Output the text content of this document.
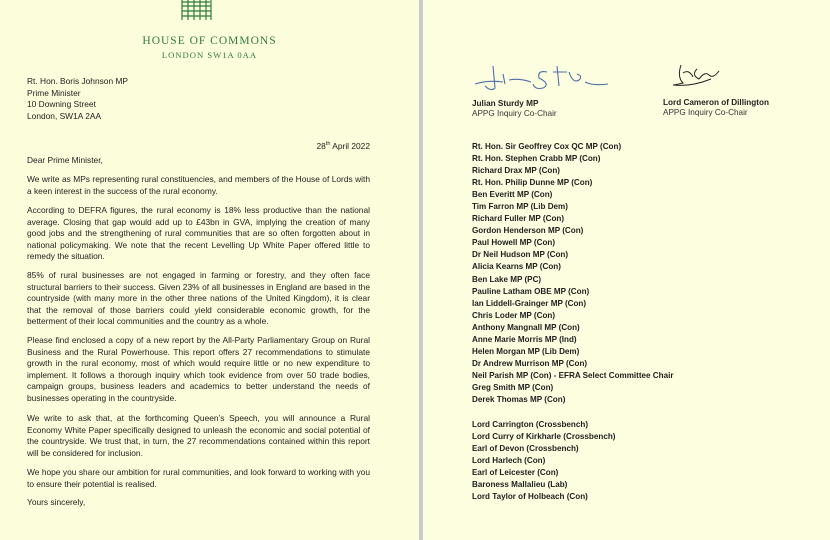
HOUSE OF COMMONS
LONDON SW1A 0AA
Rt. Hon. Boris Johnson MP
Prime Minister
10 Downing Street
London, SW1A 2AA
28th April 2022
Dear Prime Minister,
We write as MPs representing rural constituencies, and members of the House of Lords with a keen interest in the success of the rural economy.
According to DEFRA figures, the rural economy is 18% less productive than the national average. Closing that gap would add up to £43bn in GVA, implying the creation of many good jobs and the strengthening of rural communities that are so often forgotten about in national policymaking. We note that the recent Levelling Up White Paper offered little to remedy the situation.
85% of rural businesses are not engaged in farming or forestry, and they often face structural barriers to their success. Given 23% of all businesses in England are based in the countryside (with many more in the other three nations of the United Kingdom), it is clear that the removal of those barriers could yield considerable economic growth, for the betterment of their local communities and the country as a whole.
Please find enclosed a copy of a new report by the All-Party Parliamentary Group on Rural Business and the Rural Powerhouse. This report offers 27 recommendations to stimulate growth in the rural economy, most of which would require little or no new expenditure to implement. It follows a thorough inquiry which took evidence from over 50 trade bodies, campaign groups, business leaders and academics to better understand the needs of businesses operating in the countryside.
We write to ask that, at the forthcoming Queen’s Speech, you will announce a Rural Economy White Paper specifically designed to unleash the economic and social potential of the countryside. We trust that, in turn, the 27 recommendations contained within this report will be considered for inclusion.
We hope you share our ambition for rural communities, and look forward to working with you to ensure their potential is realised.
Yours sincerely,
Julian Sturdy MP
APPG Inquiry Co-Chair
Lord Cameron of Dillington
APPG Inquiry Co-Chair
Rt. Hon. Sir Geoffrey Cox QC MP (Con)
Rt. Hon. Stephen Crabb MP (Con)
Richard Drax MP (Con)
Rt. Hon. Philip Dunne MP (Con)
Ben Everitt MP (Con)
Tim Farron MP (Lib Dem)
Richard Fuller MP (Con)
Gordon Henderson MP (Con)
Paul Howell MP (Con)
Dr Neil Hudson MP (Con)
Alicia Kearns MP (Con)
Ben Lake MP (PC)
Pauline Latham OBE MP (Con)
Ian Liddell-Grainger MP (Con)
Chris Loder MP (Con)
Anthony Mangnall MP (Con)
Anne Marie Morris MP (Ind)
Helen Morgan MP (Lib Dem)
Dr Andrew Murrison MP (Con)
Neil Parish MP (Con) - EFRA Select Committee Chair
Greg Smith MP (Con)
Derek Thomas MP (Con)
Lord Carrington (Crossbench)
Lord Curry of Kirkharle (Crossbench)
Earl of Devon (Crossbench)
Lord Harlech (Con)
Earl of Leicester (Con)
Baroness Mallalieu (Lab)
Lord Taylor of Holbeach (Con)
